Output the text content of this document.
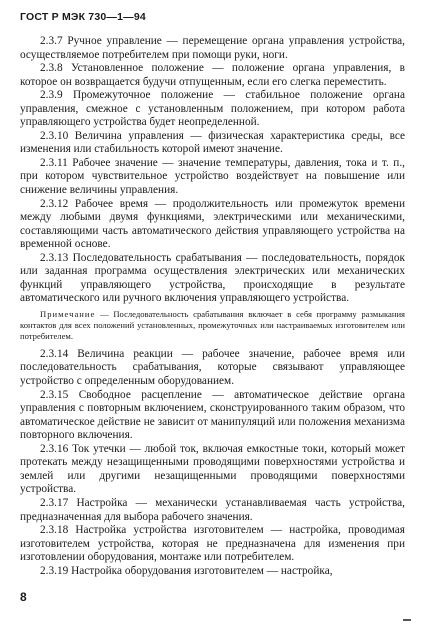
ГОСТ Р МЭК 730—1—94

2.3.7 Ручное управление — перемещение органа управления устройства, осуществляемое потребителем при помощи руки, ноги.

2.3.8 Установленное положение — положение органа управления, в которое он возвращается будучи отпущенным, если его слегка переместить.

2.3.9 Промежуточное положение — стабильное положение органа управления, смежное с установленным положением, при котором работа управляющего устройства будет неопределенной.

2.3.10 Величина управления — физическая характеристика среды, все изменения или стабильность которой имеют значение.

2.3.11 Рабочее значение — значение температуры, давления, тока и т. п., при котором чувствительное устройство воздействует на повышение или снижение величины управления.

2.3.12 Рабочее время — продолжительность или промежуток времени между любыми двумя функциями, электрическими или механическими, составляющими часть автоматического действия управляющего устройства на временной основе.

2.3.13 Последовательность срабатывания — последовательность, порядок или заданная программа осуществления электрических или механических функций управляющего устройства, происходящие в результате автоматического или ручного включения управляющего устройства.

Примечание — Последовательность срабатывания включает в себя программу размыкания контактов для всех положений установленных, промежуточных или настраиваемых изготовителем или потребителем.

2.3.14 Величина реакции — рабочее значение, рабочее время или последовательность срабатывания, которые связывают управляющее устройство с определенным оборудованием.

2.3.15 Свободное расцепление — автоматическое действие органа управления с повторным включением, сконструированного таким образом, что автоматическое действие не зависит от манипуляций или положения механизма повторного включения.

2.3.16 Ток утечки — любой ток, включая емкостные токи, который может протекать между незащищенными проводящими поверхностями устройства и землей или другими незащищенными проводящими поверхностями устройства.

2.3.17 Настройка — механически устанавливаемая часть устройства, предназначенная для выбора рабочего значения.

2.3.18 Настройка устройства изготовителем — настройка, проводимая изготовителем устройства, которая не предназначена для изменения при изготовлении оборудования, монтаже или потребителем.

2.3.19 Настройка оборудования изготовителем — настройка,

8
